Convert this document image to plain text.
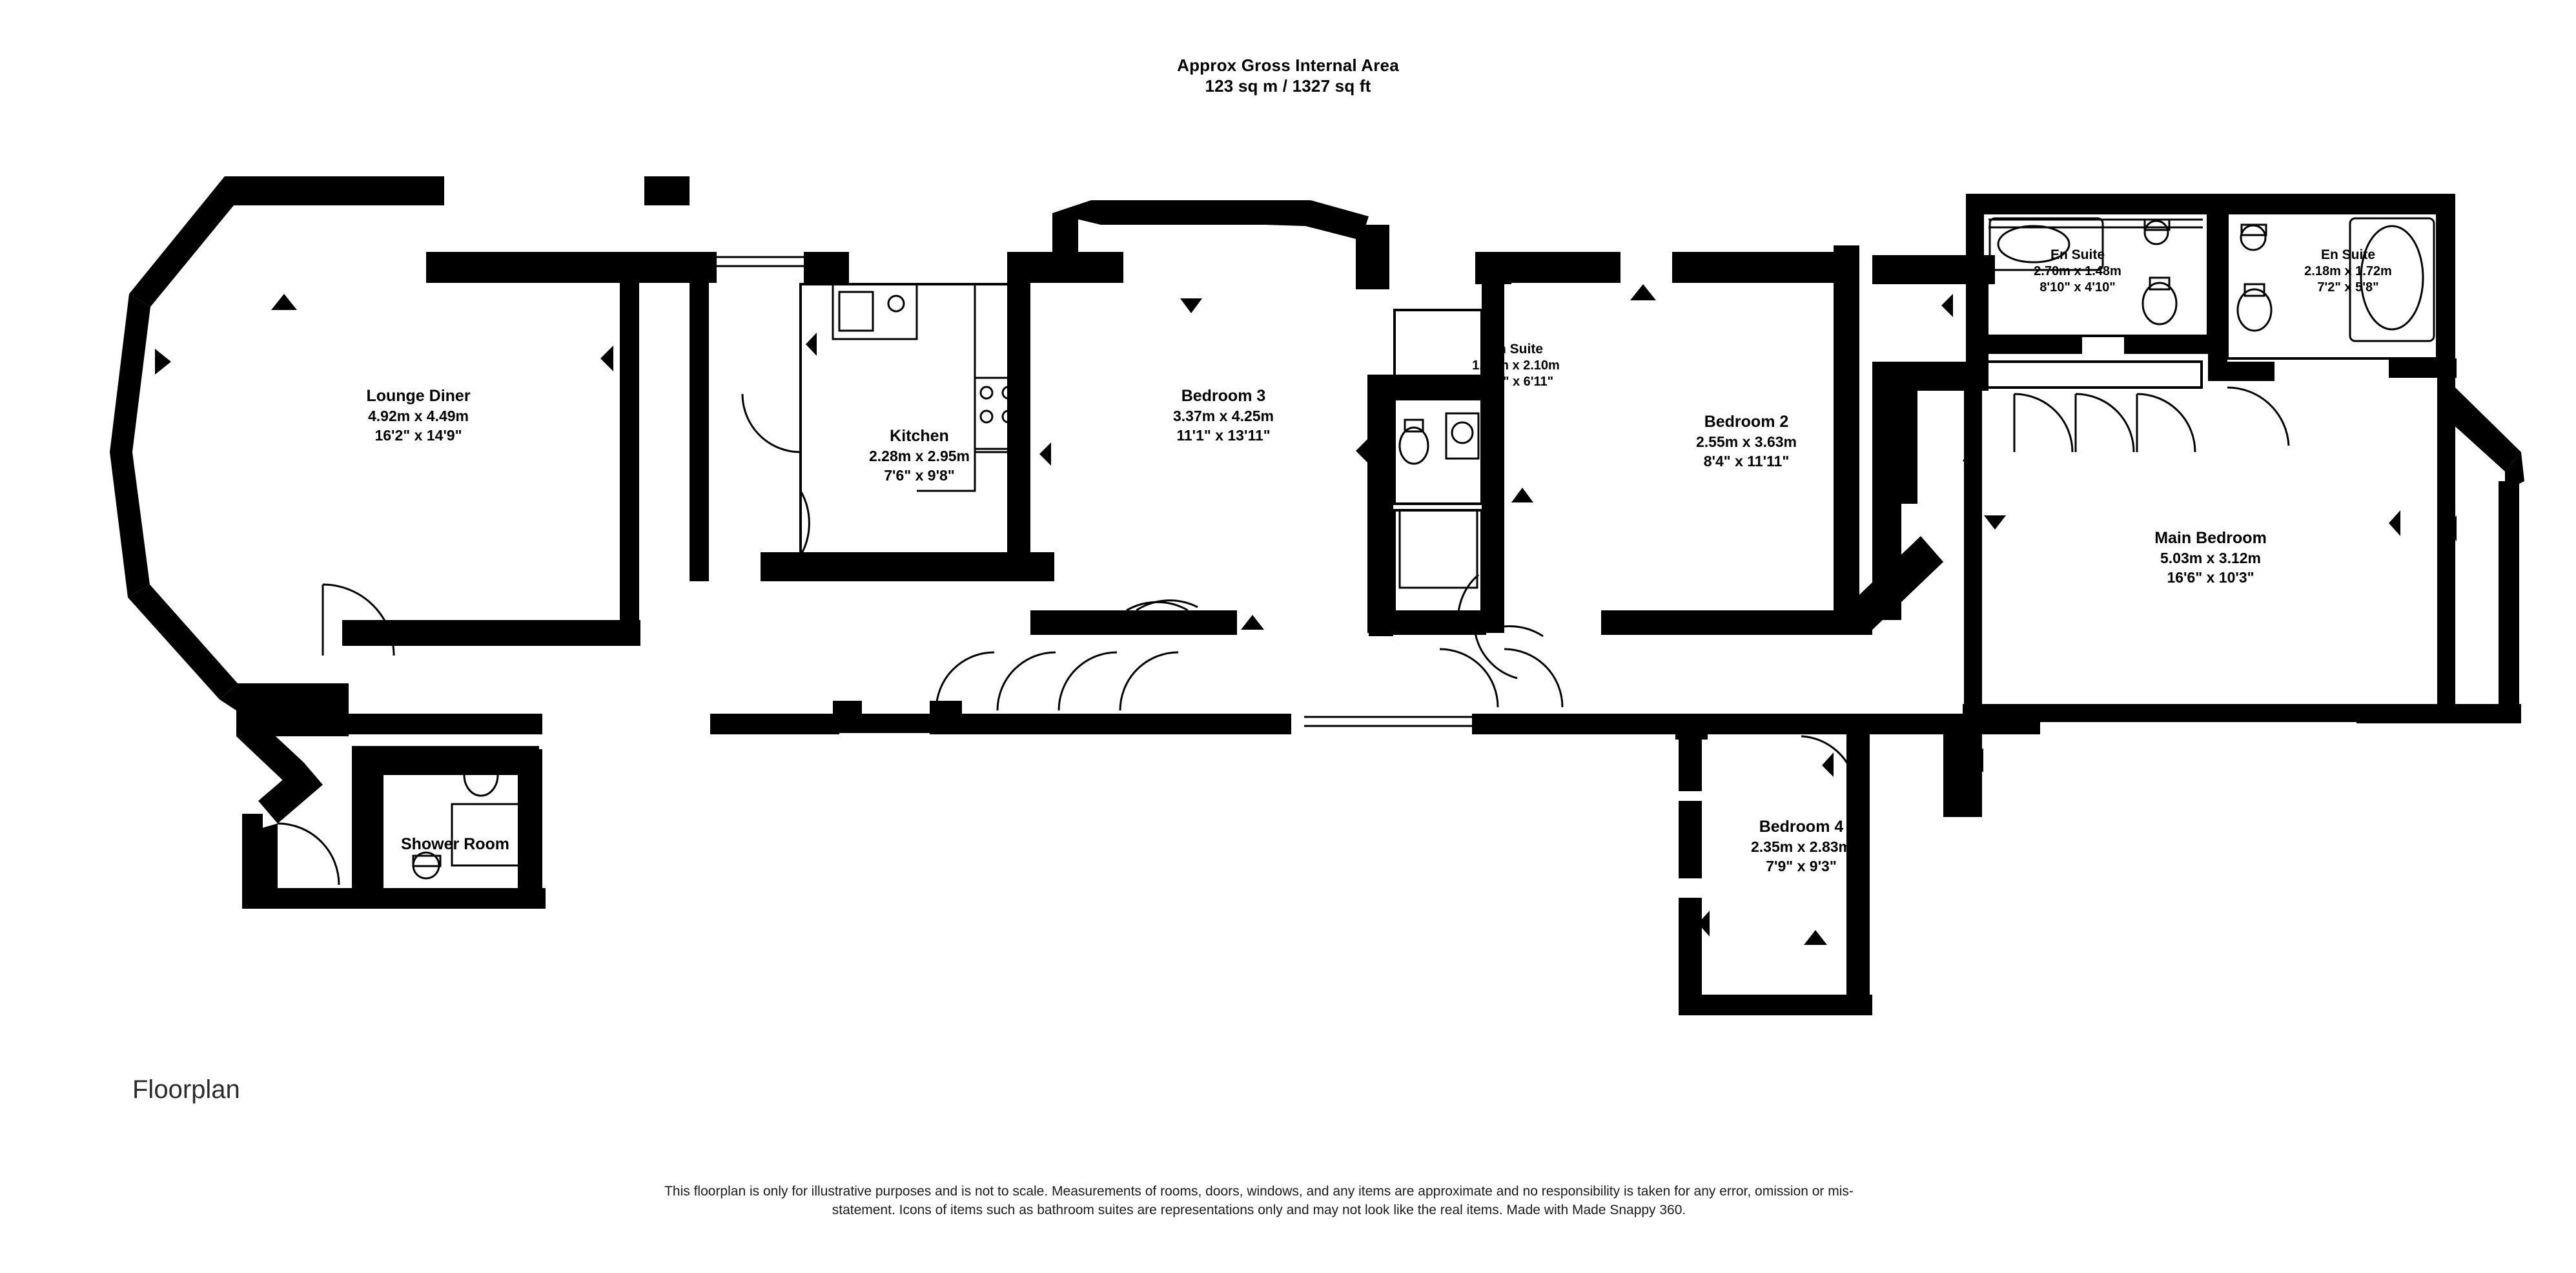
Approx Gross Internal Area
123 sq m / 1327 sq ft
Lounge Diner
4.92m x 4.49m
16'2" x 14'9"	Kitchen
2.28m x 2.95m
7'6" x 9'8"
Bedroom 3
3.37m x 4.25m
11'1" x 13'11"
En Suite
1.79m x 2.10m
5'10" x 6'11"
Bedroom 2
2.55m x 3.63m
8'4" x 11'11"
En Suite
2.70m x 1.48m
8'10" x 4'10"
En Suite
2.18m x 1.72m
7'2" x 5'8"
Main Bedroom
5.03m x 3.12m
16'6" x 10'3"
Bedroom 4
2.35m x 2.83m
7'9" x 9'3"
Shower Room
Floorplan
This floorplan is only for illustrative purposes and is not to scale. Measurements of rooms, doors, windows, and any items are approximate and no responsibility is taken for any error, omission or mis-statement. Icons of items such as bathroom suites are representations only and may not look like the real items. Made with Made Snappy 360.
